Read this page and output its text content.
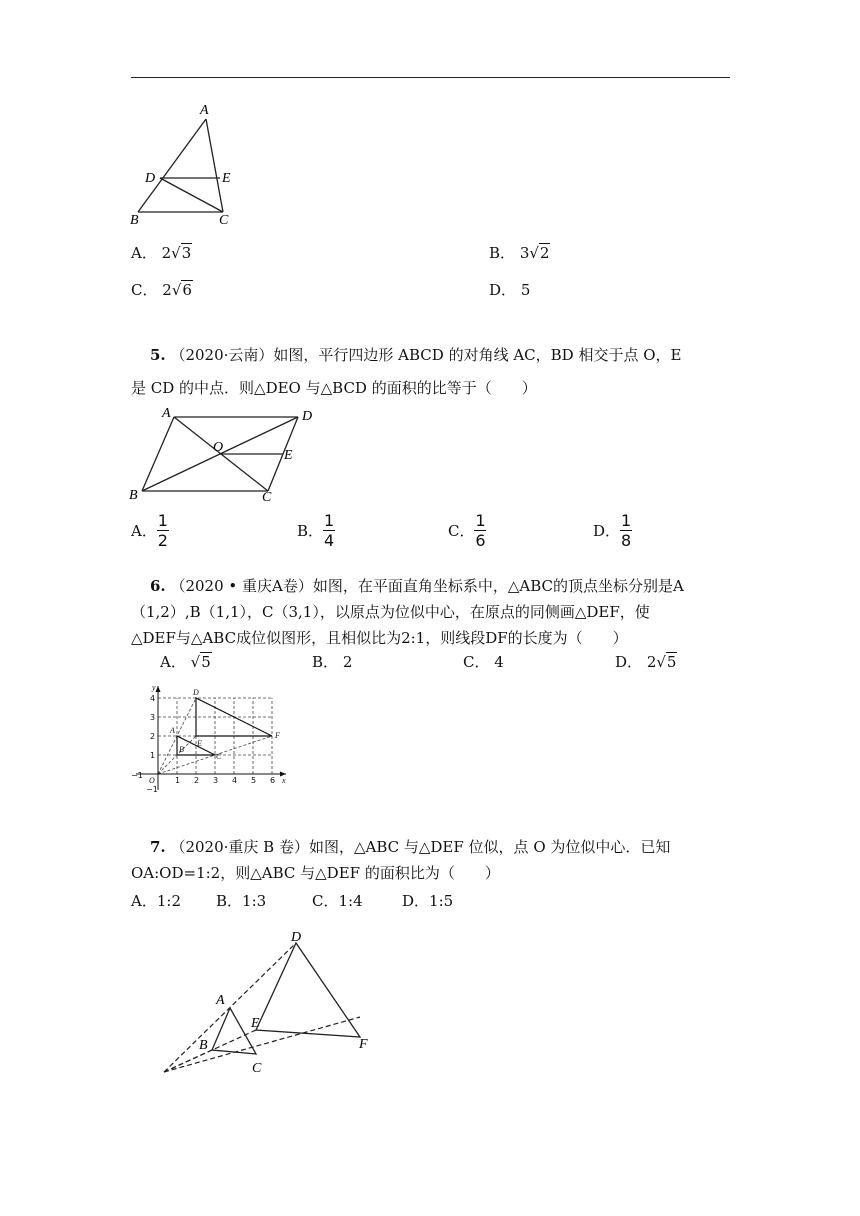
A
D	E
B	C
A． 2√3	B． 3√2
C． 2√6	D． 5
5. （2020·云南）如图，平行四边形 ABCD 的对角线 AC，BD 相交于点 O，E
是 CD 的中点．则△DEO 与△BCD 的面积的比等于（　　）
A	D
O
E
B	C
A． $\frac{1}{2}$	B． $\frac{1}{4}$	C． $\frac{1}{6}$	D． $\frac{1}{8}$
6. （2020 • 重庆A卷）如图，在平面直角坐标系中，△ABC的顶点坐标分别是A
（1,2）,B（1,1），C（3,1），以原点为位似中心，在原点的同侧画△DEF，使
△DEF与△ABC成位似图形，且相似比为2:1，则线段DF的长度为（　　）
A． √5	B． 2	C． 4	D． 2√5
−1
O	1 2 3 4 5 6 x
4
3
2
1
−1
y
A
B
C
D
E
F
7. （2020·重庆 B 卷）如图，△ABC 与△DEF 位似，点 O 为位似中心．已知
OA:OD=1:2，则△ABC 与△DEF 的面积比为（　　）
A．1:2 B．1:3	C．1:4	D．1:5
A
B
C
D
E
F
